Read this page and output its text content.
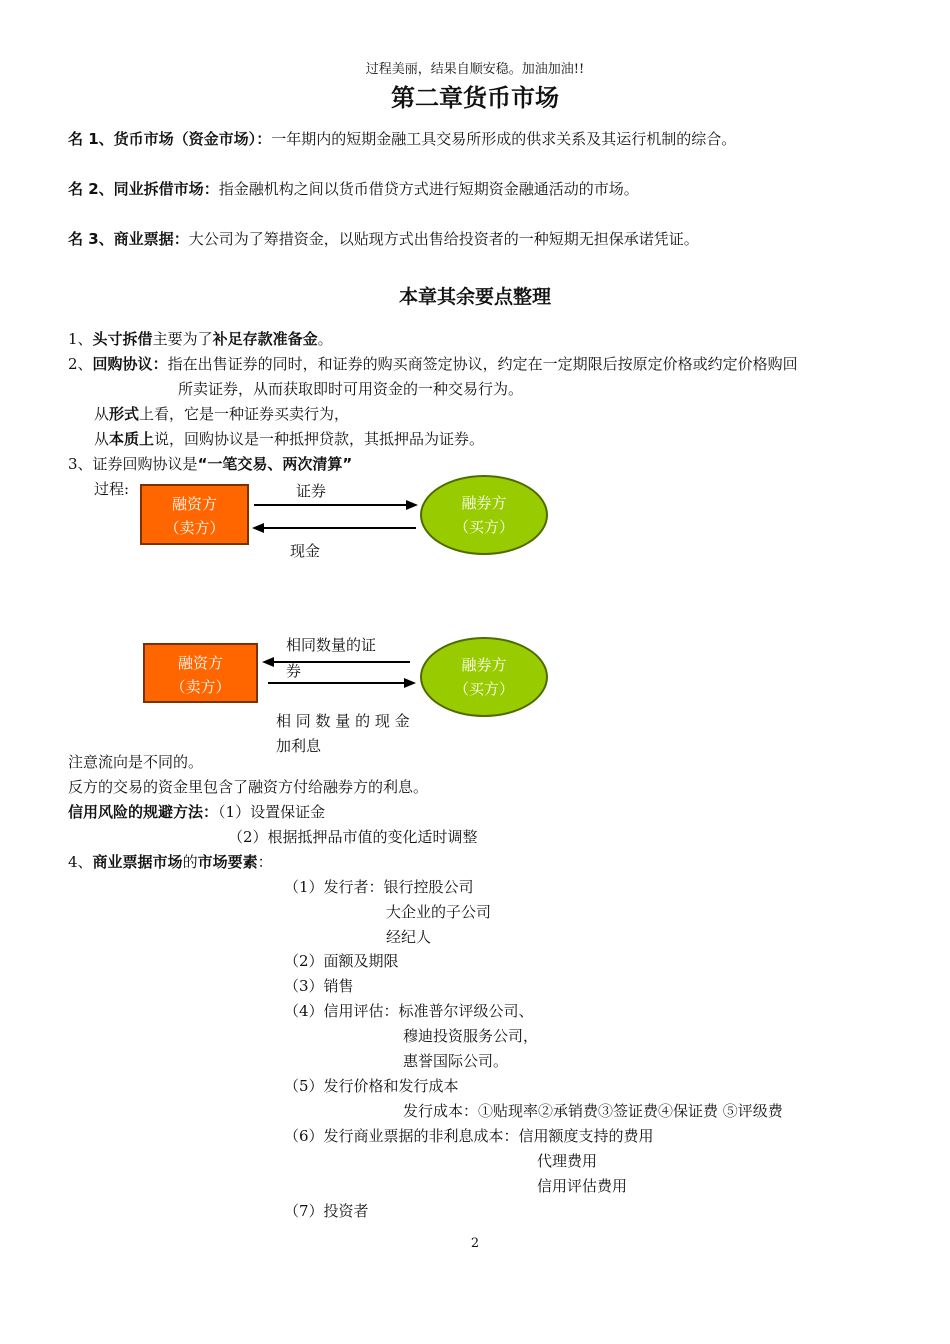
过程美丽，结果自顺安稳。加油加油!!
第二章货币市场
名 1、货币市场（资金市场）：一年期内的短期金融工具交易所形成的供求关系及其运行机制的综合。
名 2、同业拆借市场：指金融机构之间以货币借贷方式进行短期资金融通活动的市场。
名 3、商业票据：大公司为了筹措资金，以贴现方式出售给投资者的一种短期无担保承诺凭证。
本章其余要点整理
1、头寸拆借主要为了补足存款准备金。
2、回购协议：指在出售证券的同时，和证券的购买商签定协议，约定在一定期限后按原定价格或约定价格购回
所卖证券，从而获取即时可用资金的一种交易行为。
从形式上看，它是一种证券买卖行为，
从本质上说，回购协议是一种抵押贷款，其抵押品为证券。
3、证券回购协议是“一笔交易、两次清算”
过程:
融资方
（卖方）
融券方
（买方）
证券
现金
融资方
（卖方）
融券方
（买方）
相同数量的证
券
相 同 数 量 的 现 金
加利息
注意流向是不同的。
反方的交易的资金里包含了融资方付给融券方的利息。
信用风险的规避方法：（1）设置保证金
（2）根据抵押品市值的变化适时调整
4、商业票据市场的市场要素：
（1）发行者：银行控股公司
大企业的子公司
经纪人
（2）面额及期限
（3）销售
（4）信用评估：标准普尔评级公司、
穆迪投资服务公司，
惠誉国际公司。
（5）发行价格和发行成本
发行成本：①贴现率②承销费③签证费④保证费 ⑤评级费
（6）发行商业票据的非利息成本：信用额度支持的费用
代理费用
信用评估费用
（7）投资者
2
